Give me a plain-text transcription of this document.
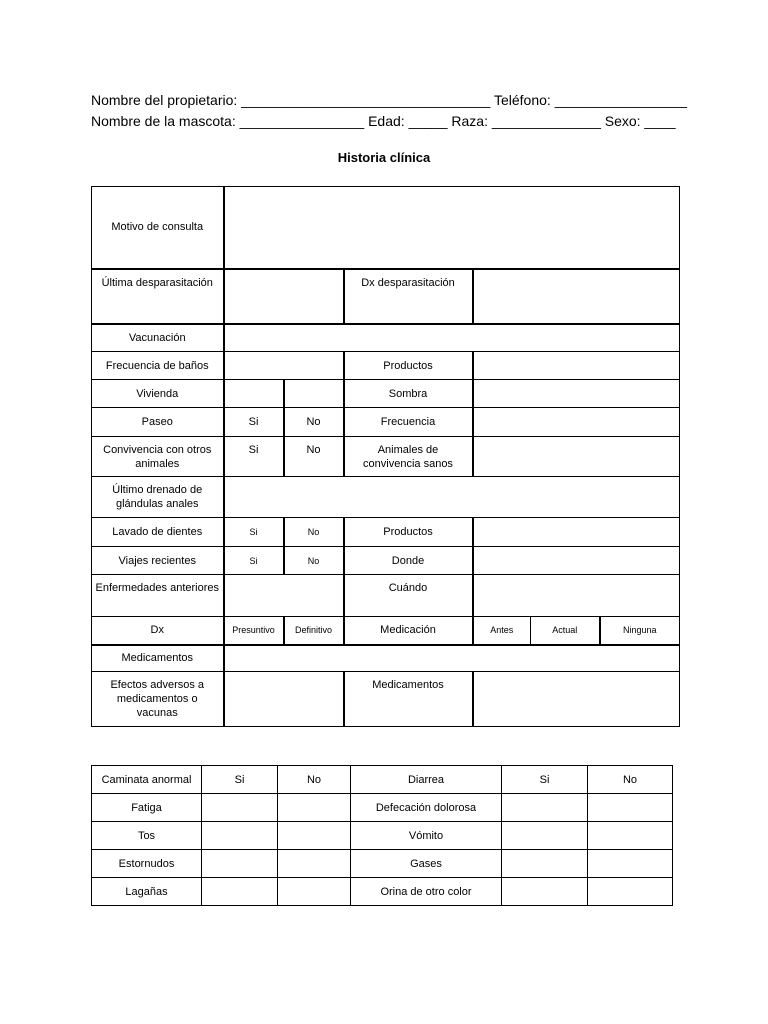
Nombre del propietario: ________________________________ Teléfono: _________________
Nombre de la mascota: ________________ Edad: _____ Raza: ______________ Sexo: ____
Historia clínica
Motivo de consulta						
Última desparasitación			Dx desparasitación			
Vacunación						
Frecuencia de baños			Productos			
Vivienda			Sombra			
Paseo	Si	No	Frecuencia			
Convivencia con otros animales	Si	No	Animales de convivencia sanos			
Último drenado de glándulas anales						
Lavado de dientes	Si	No	Productos			
Viajes recientes	Si	No	Donde			
Enfermedades anteriores			Cuándo			
Dx	Presuntivo	Definitivo	Medicación	Antes	Actual	Ninguna
Medicamentos						
Efectos adversos a medicamentos o vacunas			Medicamentos			
Caminata anormal	Si	No	Diarrea	Si	No
Fatiga			Defecación dolorosa		
Tos			Vómito		
Estornudos			Gases		
Lagañas			Orina de otro color		
